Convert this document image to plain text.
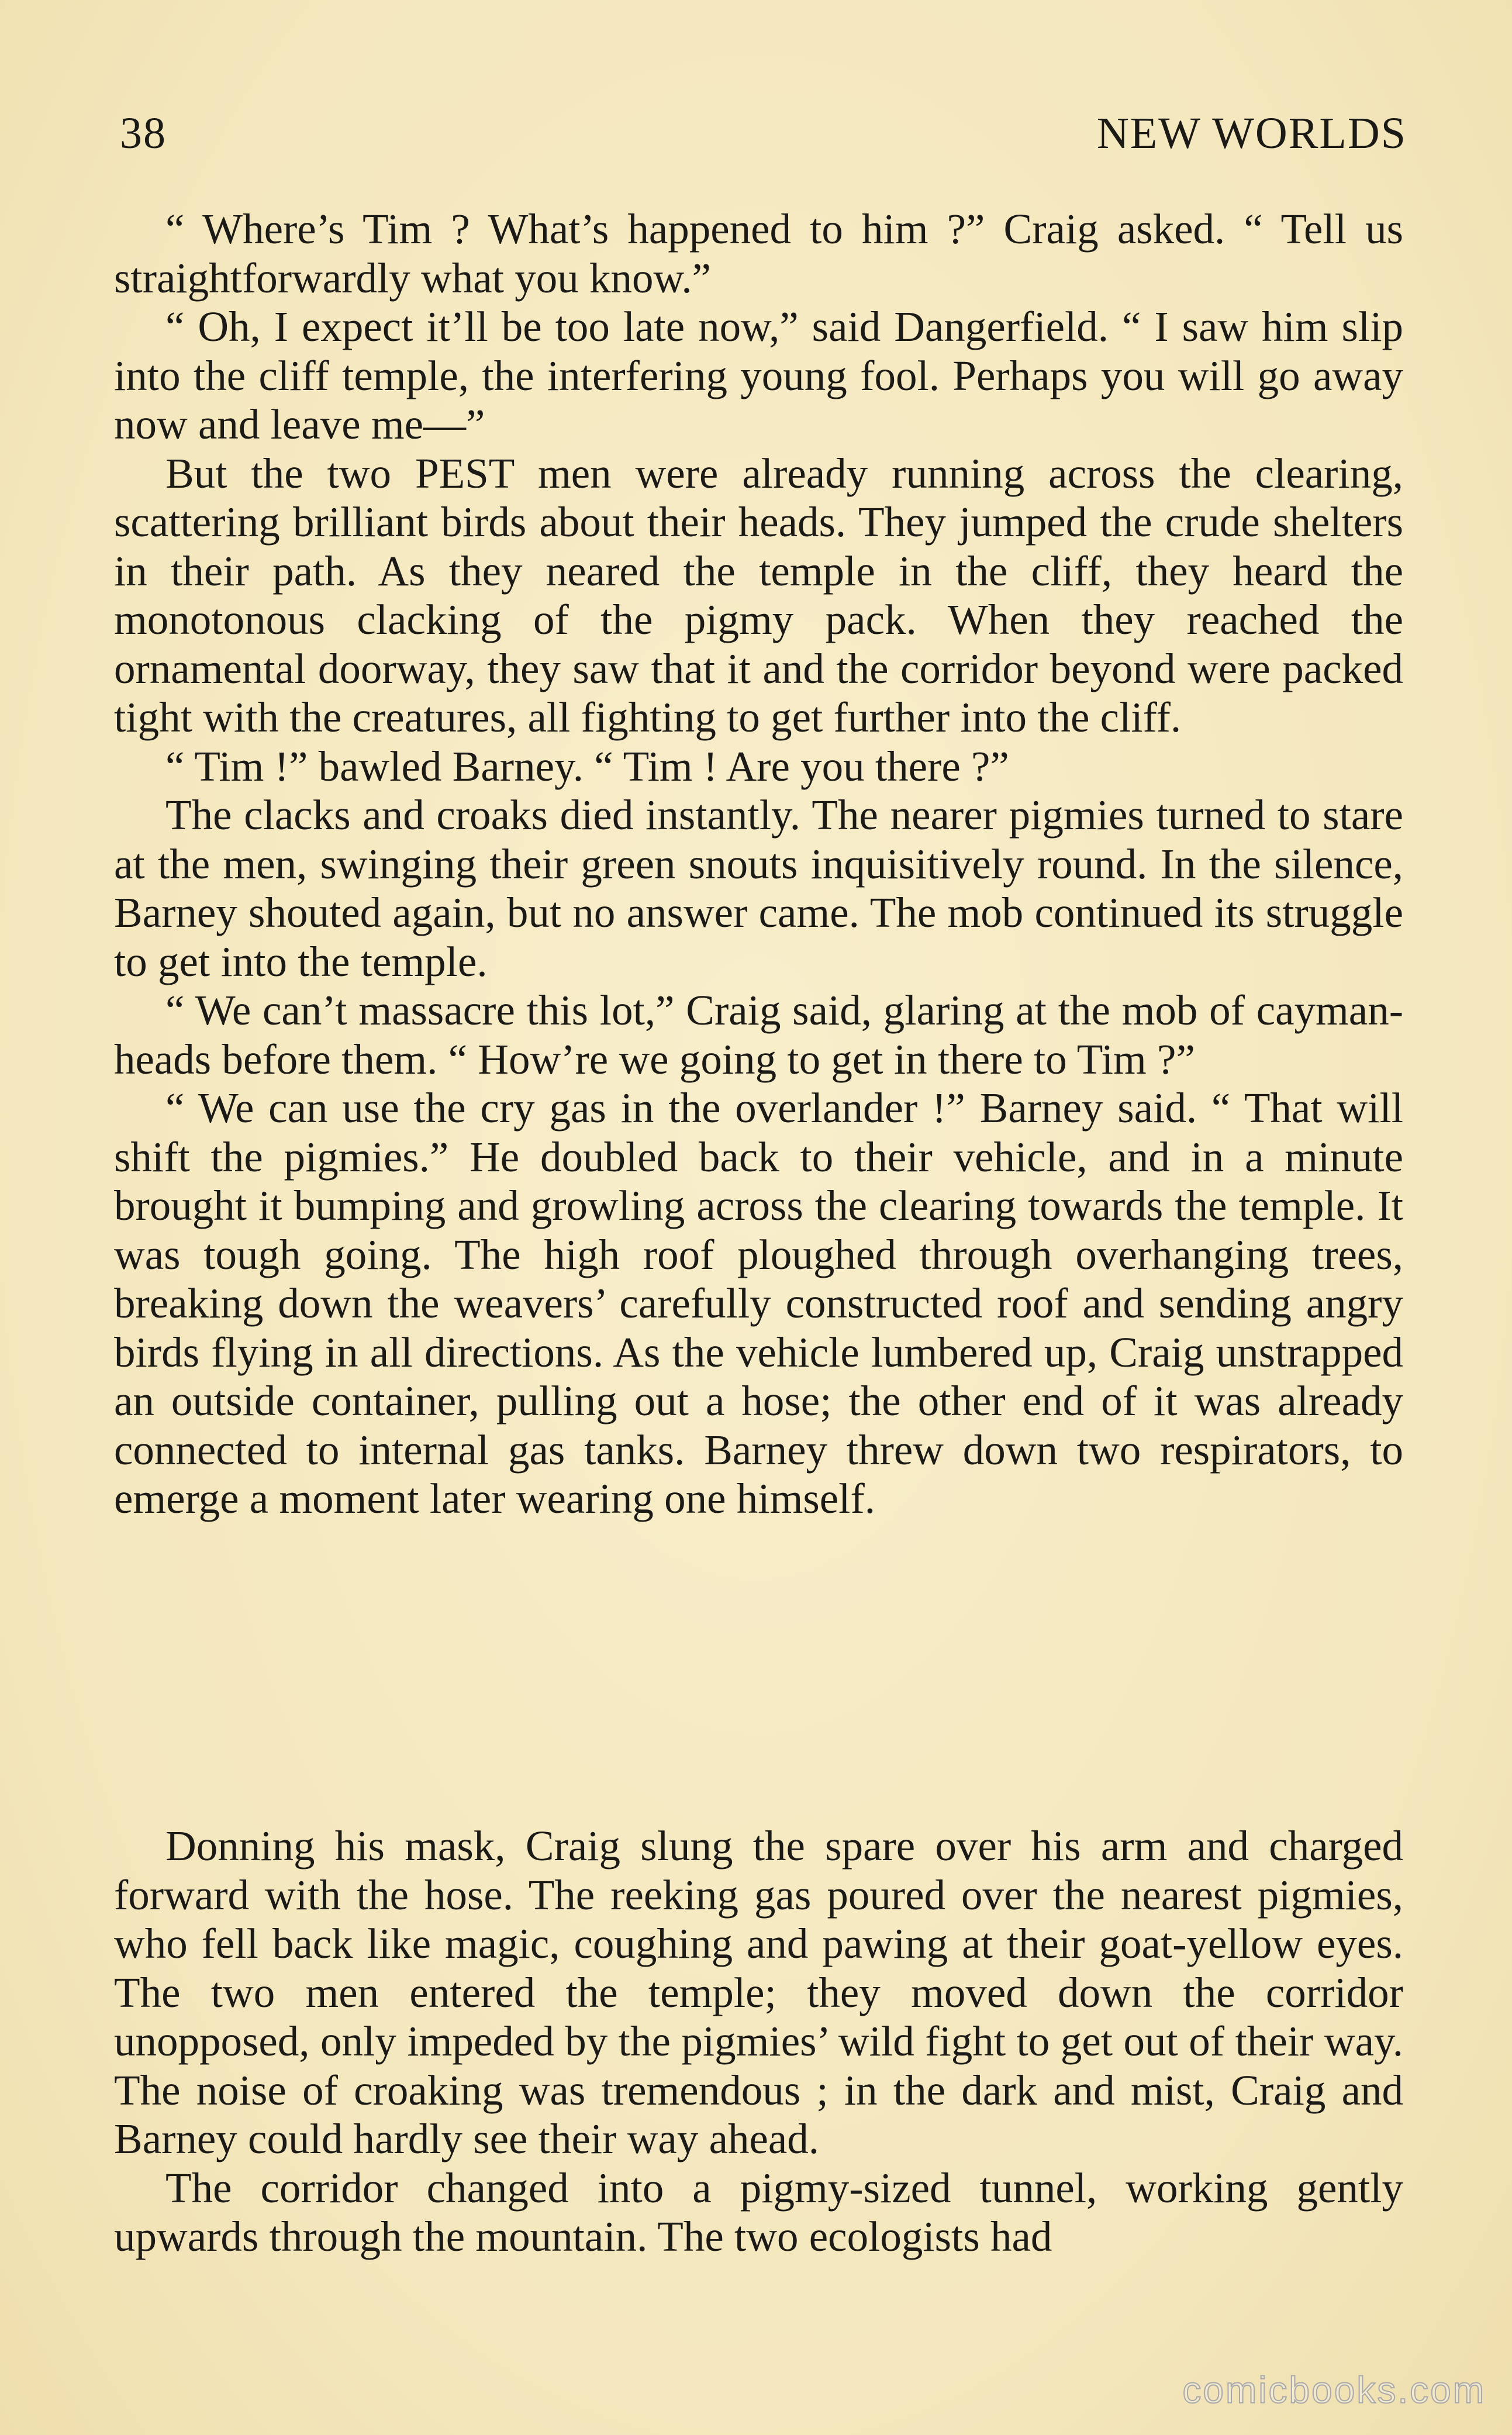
38	NEW WORLDS

“ Where’s Tim ? What’s happened to him ?” Craig asked. “ Tell us straightforwardly what you know.”

“ Oh, I expect it’ll be too late now,” said Dangerfield. “ I saw him slip into the cliff temple, the interfering young fool. Perhaps you will go away now and leave me—”

But the two PEST men were already running across the clearing, scattering brilliant birds about their heads. They jumped the crude shelters in their path. As they neared the temple in the cliff, they heard the monotonous clacking of the pigmy pack. When they reached the ornamental doorway, they saw that it and the corridor beyond were packed tight with the creatures, all fighting to get further into the cliff.

“ Tim !” bawled Barney. “ Tim ! Are you there ?”

The clacks and croaks died instantly. The nearer pigmies turned to stare at the men, swinging their green snouts inquisitively round. In the silence, Barney shouted again, but no answer came. The mob continued its struggle to get into the temple.

“ We can’t massacre this lot,” Craig said, glaring at the mob of cayman-heads before them. “ How’re we going to get in there to Tim ?”

“ We can use the cry gas in the overlander !” Barney said. “ That will shift the pigmies.” He doubled back to their vehicle, and in a minute brought it bumping and growling across the clearing towards the temple. It was tough going. The high roof ploughed through overhanging trees, breaking down the weavers’ carefully constructed roof and sending angry birds flying in all directions. As the vehicle lumbered up, Craig unstrapped an outside container, pulling out a hose; the other end of it was already connected to internal gas tanks. Barney threw down two respirators, to emerge a moment later wearing one himself.

Donning his mask, Craig slung the spare over his arm and charged forward with the hose. The reeking gas poured over the nearest pigmies, who fell back like magic, coughing and pawing at their goat-yellow eyes. The two men entered the temple; they moved down the corridor unopposed, only impeded by the pigmies’ wild fight to get out of their way. The noise of croaking was tremendous ; in the dark and mist, Craig and Barney could hardly see their way ahead.

The corridor changed into a pigmy-sized tunnel, working gently upwards through the mountain. The two ecologists had

comicbooks.com
